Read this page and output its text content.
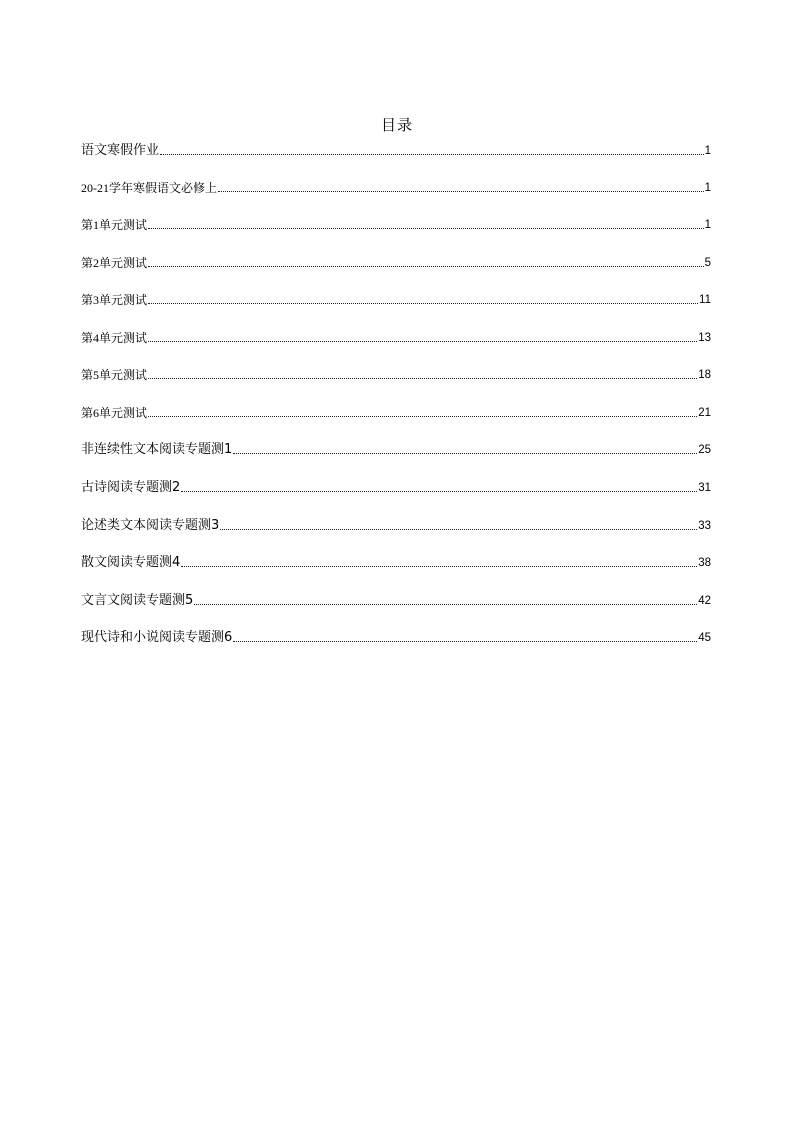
目录
语文寒假作业	1
20-21学年寒假语文必修上	1
第1单元测试	1
第2单元测试	5
第3单元测试	11
第4单元测试	13
第5单元测试	18
第6单元测试	21
非连续性文本阅读专题测1	25
古诗阅读专题测2	31
论述类文本阅读专题测3	33
散文阅读专题测4	38
文言文阅读专题测5	42
现代诗和小说阅读专题测6	45
